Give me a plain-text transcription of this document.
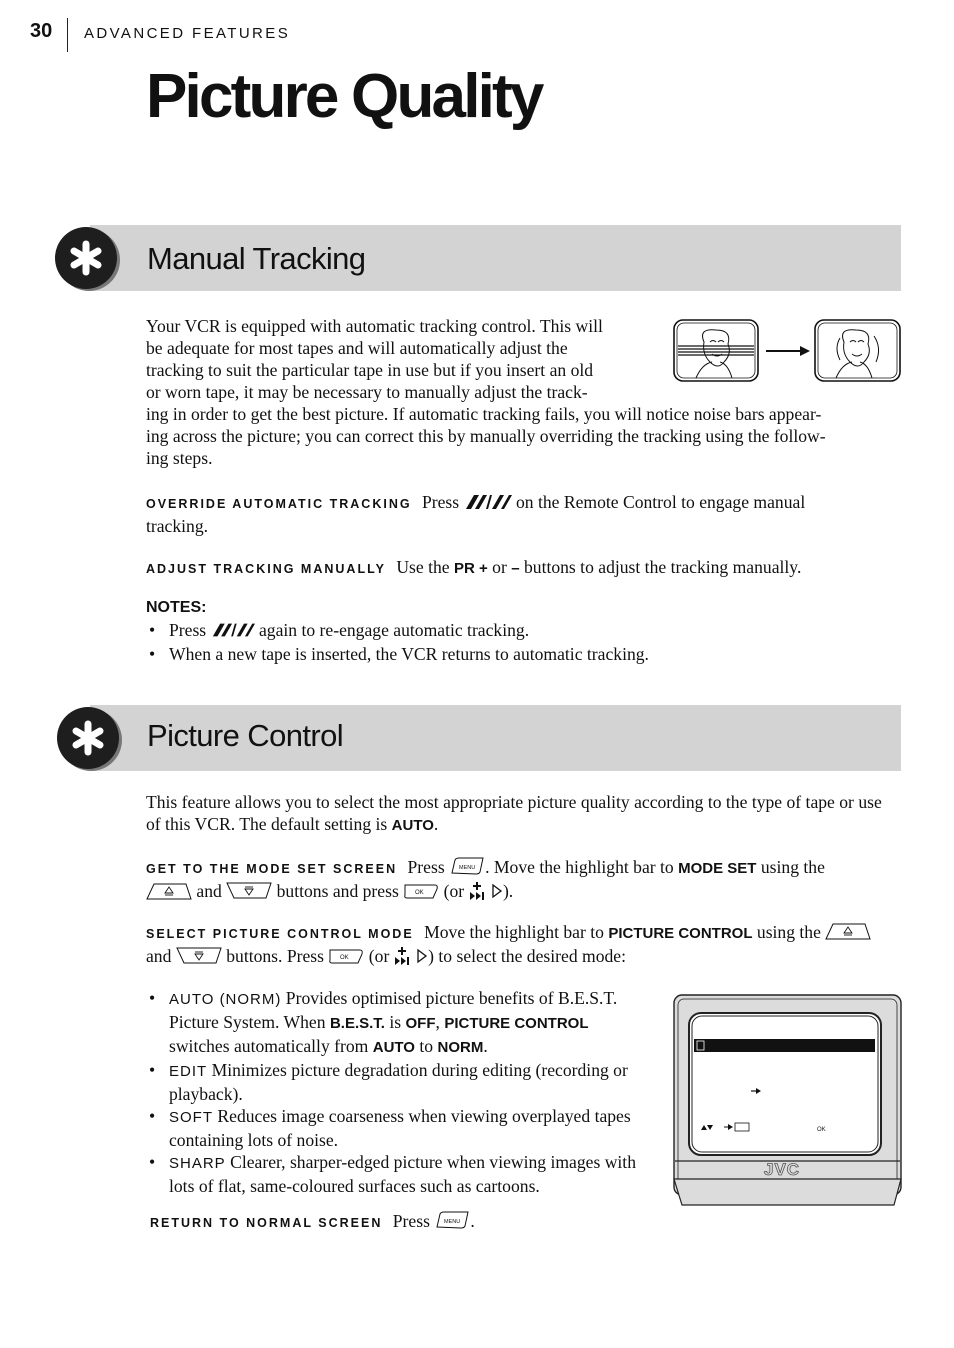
30 ADVANCED FEATURES
Picture Quality
Manual Tracking
Your VCR is equipped with automatic tracking control. This will
be adequate for most tapes and will automatically adjust the
tracking to suit the particular tape in use but if you insert an old
or worn tape, it may be necessary to manually adjust the track-
ing in order to get the best picture. If automatic tracking fails, you will notice noise bars appear-
ing across the picture; you can correct this by manually overriding the tracking using the follow-
ing steps.
OVERRIDE AUTOMATIC TRACKING Press	on the Remote Control to engage manual tracking.
ADJUST TRACKING MANUALLY Use the PR + or – buttons to adjust the tracking manually.
NOTES:
• Press	again to re-engage automatic tracking.
• When a new tape is inserted, the VCR returns to automatic tracking.
Picture Control
This feature allows you to select the most appropriate picture quality according to the type of tape or use of this VCR. The default setting is AUTO.
GET TO THE MODE SET SCREEN Press	MENU . Move the highlight bar to MODE SET using the
and	buttons and press	OK (or ).
SELECT PICTURE CONTROL MODE Move the highlight bar to PICTURE CONTROL using the
and	buttons. Press	OK (or ) to select the desired mode:
• AUTO (NORM) Provides optimised picture benefits of B.E.S.T. Picture System. When B.E.S.T. is OFF, PICTURE CONTROL switches automatically from AUTO to NORM.
• EDIT Minimizes picture degradation during editing (recording or playback).
• SOFT Reduces image coarseness when viewing overplayed tapes containing lots of noise.
• SHARP Clearer, sharper-edged picture when viewing images with lots of flat, same-coloured surfaces such as cartoons.
OK
JVC
RETURN TO NORMAL SCREEN Press	MENU .
